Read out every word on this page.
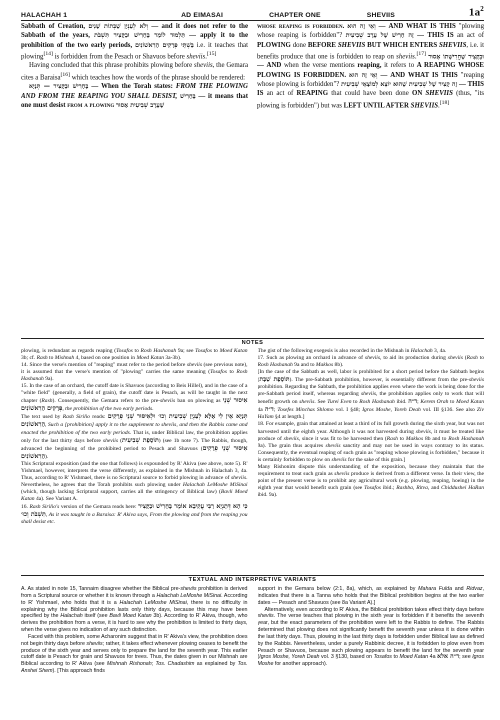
HALACHAH 1	AD EIMASAI	CHAPTER ONE	SHEVIIS	$1a^2$

Sabbath of Creation, וְלֹא לְעַנְיַן שַׁבְּתוֹת שָׁנִים — and it does not refer to the Sabbath of the years, תַּלְמוּד לוֹמַר בֶּחָרִישׁ וּבַקָּצִיר תִּשְׁבֹּת — apply it to the prohibition of the two early periods, בַּשְׁתֵּי פְּרָקִים הָרִאשׁוֹנִים i.e. it teaches that plowing[14] is forbidden from the Pesach or Shavuos before sheviis.[15]

Having concluded that this phrase prohibits plowing before sheviis, the Gemara cites a Baraisa[16] which teaches how the words of the phrase should be rendered:

בֶּחָרִישׁ וּבַקָּצִיר — תְּנַיָּא — When the Torah states: FROM THE PLOWING AND FROM THE REAPING YOU SHALL DESIST, בֶּחָרִישׁ — it means that one must desist from a plowing שֶׁעֶרֶב שְׁבִיעִית אָסוּר

whose reaping is forbidden. וְאֵי זֶה הוּא — AND WHAT IS THIS "plowing whose reaping is forbidden"? זֶה חָרִישׁ שֶׁל עֶרֶב שְׁבִיעִית — THIS IS an act of PLOWING done BEFORE SHEVIIS BUT WHICH ENTERS SHEVIIS, i.e. it benefits produce that one is forbidden to reap on sheviis.[17] וּבַקָּצִיר שֶׁחֲרִישָׁתוֹ אָסוּר — AND when the verse mentions reaping, it refers to A REAPING WHOSE PLOWING IS FORBIDDEN. וְאֵי זֶה הוּא — AND WHAT IS THIS "reaping whose plowing is forbidden"? זֶה קָצִיר שֶׁל שְׁבִיעִית שֶׁהוּא יוֹצֵא לְמוֹצָאֵי שְׁבִיעִית — THIS IS an act of REAPING that could have been done ON SHEVIIS (thus, "its plowing is forbidden") but was LEFT UNTIL AFTER SHEVIIS.[18]

NOTES

plowing, is redundant as regards reaping (Tosafos to Rosh Hashanah 9a; see Tosafos to Moed Katan 3b; cf. Rash to Mishnah 4, based on one position in Moed Katan 3a-3b).

14. Since the verse's mention of "reaping" must refer to the period before sheviis (see previous note), it is assumed that the verse's mention of "plowing" carries the same meaning (Tosafos to Rosh Hashanah 9a).

15. In the case of an orchard, the cutoff date is Shavuos (according to Beis Hillel), and in the case of a "white field" (generally, a field of grain), the cutoff date is Pesach, as will be taught in the next chapter (Rash). Consequently, the Gemara refers to the pre-sheviis ban on plowing as אִיסוּר שְׁנֵי פְּרָקִים הָרִאשׁוֹנִים, the prohibition of the two early periods.

The text used by Rash Sirilio reads: תְּנַיָּא אֵין לִי אֶלָּא לְעַנְיַן שְׁבִיעִית וְכוּ׳ וּלְאִיסּוּר שְׁנֵי פְרָקִים הָרִאשׁוֹנִים, Such a [prohibition] apply it to the supplement to sheviis, and then the Rabbis came and enacted the prohibition of the two early periods. That is, under Biblical law, the prohibition applies only for the last thirty days before sheviis (תּוֹסֶפֶת שְׁבִיעִית) (see 1b note 7). The Rabbis, though, advanced the beginning of the prohibited period to Pesach and Shavuos (אִיסּוּר שְׁנֵי פְרָקִים הָרִאשׁוֹנִים).

This Scriptural exposition (and the one that follows) is expounded by R' Akiva (see above, note 5). R' Yishmael, however, interprets the verse differently, as explained in the Mishnah in Halachah 3, 4a. Thus, according to R' Yishmael, there is no Scriptural source to forbid plowing in advance of sheviis. Nevertheless, he agrees that the Torah prohibits such plowing under Halachah LeMoshe MiSinai (which, though lacking Scriptural support, carries all the stringency of Biblical law) (Bavli Moed Katan 4a). See Variant A.

16. Rash Sirilio's version of the Gemara reads here: כִּי הָא דְּתַנְיָא רַבִּי עֲקִיבָא אוֹמֵר בֶּחָרִישׁ וּבַקָּצִיר תִּשְׁבֹּת וְכוּ׳, As it was taught in a Baraisa: R' Akiva says, From the plowing and from the reaping you shall desist etc.

The gist of the following exegesis is also recorded in the Mishnah in Halachah 3, 4a.

17. Such as plowing an orchard in advance of sheviis, to aid its production during sheviis (Rash to Rosh Hashanah 9a and to Makkos 8b).

[In the case of the Sabbath as well, labor is prohibited for a short period before the Sabbath begins (תּוֹסֶפֶת שַׁבָּת). The pre-Sabbath prohibition, however, is essentially different from the pre-sheviis prohibition. Regarding the Sabbath, the prohibition applies even where the work is being done for the pre-Sabbath period itself, whereas regarding sheviis, the prohibition applies only to work that will benefit growth on sheviis. See Turei Even to Rosh Hashanah ibid. ד״ה; Kerem Orah to Moed Katan 4a ד״ה; Tosefes Minchas Shlomo vol. I §48; Igros Moshe, Yoreh Deah vol. III §136. See also Ziv HaYam §4 at length.]

18. For example, grain that attained at least a third of its full growth during the sixth year, but was not harvested until the eighth year. Although it was not harvested during sheviis, it must be treated like produce of sheviis, since it was fit to be harvested then (Rash to Makkos 8b and to Rosh Hashanah 9a). The grain thus acquires sheviis sanctity and may not be used in ways contrary to its status. Consequently, the eventual reaping of such grain as "reaping whose plowing is forbidden," because it is certainly forbidden to plow on sheviis for the sake of this grain.]

Many Rishonim dispute this understanding of the exposition, because they maintain that the requirement to treat such grain as sheviis produce is derived from a different verse. In their view, the point of the present verse is to prohibit any agricultural work (e.g. plowing, reaping, hoeing) in the eighth year that would benefit such grain (see Tosafos ibid.; Rashba, Ritva, and Chiddushei HaRan ibid. 9a).

TEXTUAL AND INTERPRETIVE VARIANTS

A. As stated in note 15, Tannaim disagree whether the Biblical pre-sheviis prohibition is derived from a Scriptural source or whether it is known through a Halachah LeMoshe MiSinai. According to R' Yishmael, who holds that it is a Halachah LeMoshe MiSinai, there is no difficulty in explaining why the Biblical prohibition lasts only thirty days, because this may have been specified by the Halachah itself (see Bavli Moed Katan 3b). According to R' Akiva, though, who derives the prohibition from a verse, it is hard to see why the prohibition is limited to thirty days, when the verse gives no indication of any such distinction.

Faced with this problem, some Acharonim suggest that in R' Akiva's view, the prohibition does not begin thirty days before sheviis; rather, it takes effect whenever plowing ceases to benefit the produce of the sixth year and serves only to prepare the land for the seventh year. This earlier cutoff date is Pesach for grain and Shavuos for trees. Thus, the dates given in our Mishnah are Biblical according to R' Akiva (see Mishnah Rishonah; Tos. Chadashim as explained by Tos. Anshei Shem). [This approach finds

support in the Gemara below (2:1, 8a), which, as explained by Mahara Fulda and Ridvaz, indicates that there is a Tanna who holds that the Biblical prohibition begins at the two earlier dates — Pesach and Shavuos (see 8a Variant A).]

Alternatively, even according to R' Akiva, the Biblical prohibition takes effect thirty days before sheviis. The verse teaches that plowing in the sixth year is forbidden if it benefits the seventh year, but the exact parameters of the prohibition were left to the Rabbis to define. The Rabbis determined that plowing does not significantly benefit the seventh year unless it is done within the last thirty days. Thus, plowing in the last thirty days is forbidden under Biblical law as defined by the Rabbis. Nevertheless, under a purely Rabbinic decree, it is forbidden to plow even from Pesach or Shavuos, because such plowing appears to benefit the land for the seventh year (Igros Moshe, Yoreh Deah vol. 3 §130, based on Tosafos to Moed Katan 4a ד״ה אלא; see Igros Moshe for another approach).
